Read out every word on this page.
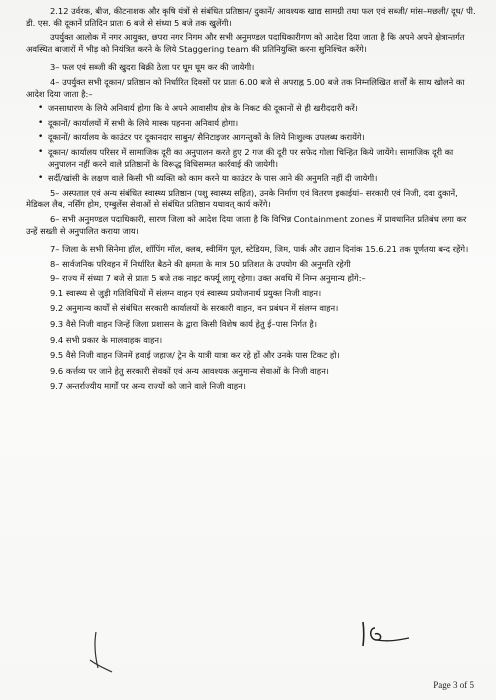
2.12 उर्वरक, बीज, कीटनाशक और कृषि यंत्रों से संबंधित प्रतिष्ठान/ दुकानें/ आवश्यक खाद्य सामग्री तथा फल एवं सब्जी/ मांस–मछली/ दूध/ पी. डी. एस. की दूकानें प्रतिदिन प्रातः 6 बजे से संध्या 5 बजे तक खुलेंगी।

उपर्युक्त आलोक में नगर आयुक्त, छपरा नगर निगम और सभी अनुमण्डल पदाधिकारीगण को आदेश दिया जाता है कि अपने अपने क्षेत्रान्तर्गत अवस्थित बाजारों में भीड़ को नियंत्रित करने के लिये Staggering team की प्रतिनियुक्ति करना सुनिश्चित करेंगे।

3– फल एवं सब्जी की खुदरा बिक्री ठेला पर घूम घूम कर की जायेगी।

4– उपर्युक्त सभी दूकान/ प्रतिष्ठान को निर्धारित दिवसों पर प्रातः 6.00 बजे से अपराह्न 5.00 बजे तक निम्नलिखित शर्त्तों के साथ खोलने का आदेश दिया जाता है:–

• जनसाधारण के लिये अनिवार्य होगा कि वे अपने आवासीय क्षेत्र के निकट की दूकानों से ही खरीददारी करें।
• दूकानों/ कार्यालयों में सभी के लिये मास्क पहनना अनिवार्य होगा।
• दूकानों/ कार्यालय के काउंटर पर दूकानदार साबुन/ सैनिटाइजर आगन्तुकों के लिये निःशुल्क उपलब्ध करायेंगे।
• दूकान/ कार्यालय परिसर में सामाजिक दूरी का अनुपालन करते हुए 2 गज की दूरी पर सफेद गोला चिन्हित किये जायेंगे। सामाजिक दूरी का अनुपालन नहीं करने वाले प्रतिष्ठानों के विरूद्ध विधिसम्मत कार्रवाई की जायेगी।
• सर्दी/खांसी के लक्षण वाले किसी भी व्यक्ति को काम करने या काउंटर के पास आने की अनुमति नहीं दी जायेगी।

5– अस्पताल एवं अन्य संबंधित स्वास्थ्य प्रतिष्ठान (पशु स्वास्थ्य सहित), उनके निर्माण एवं वितरण इकाईयां– सरकारी एवं निजी, दवा दुकानें, मेडिकल लैब, नर्सिंग होम, एम्बुलेंस सेवाओं से संबंधित प्रतिष्ठान यथावत् कार्य करेंगे।

6– सभी अनुमण्डल पदाधिकारी, सारण जिला को आदेश दिया जाता है कि विभिन्न Containment zones में प्रावधानित प्रतिबंध लगा कर उन्हें सख्ती से अनुपालित कराया जाय।

7– जिला के सभी सिनेमा हॉल, शॉपिंग मॉल, क्लब, स्वीमिंग पूल, स्टेडियम, जिम, पार्क और उद्यान दिनांक 15.6.21 तक पूर्णतया बन्द रहेंगे।

8– सार्वजनिक परिवहन में निर्धारित बैठने की क्षमता के मात्र 50 प्रतिशत के उपयोग की अनुमति रहेगी

9– राज्य में संध्या 7 बजे से प्रातः 5 बजे तक नाइट कर्फ्यू लागू रहेगा। उक्त अवधि में निम्न अनुमान्य होंगे:–

9.1 स्वास्थ्य से जुड़ी गतिविधियों में संलग्न वाहन एवं स्वास्थ्य प्रयोजनार्थ प्रयुक्त निजी वाहन।

9.2 अनुमान्य कार्यों से संबंधित सरकारी कार्यालयों के सरकारी वाहन, वन प्रबंधन में संलग्न वाहन।

9.3 वैसे निजी वाहन जिन्हें जिला प्रशासन के द्वारा किसी विशेष कार्य हेतु ई–पास निर्गत है।

9.4 सभी प्रकार के मालवाहक वाहन।

9.5 वैसे निजी वाहन जिनमें हवाई जहाज/ ट्रेन के यात्री यात्रा कर रहे हों और उनके पास टिकट हो।

9.6 कर्त्तव्य पर जाने हेतु सरकारी सेवकों एवं अन्य आवश्यक अनुमान्य सेवाओं के निजी वाहन।

9.7 अन्तर्राज्यीय मार्गों पर अन्य राज्यों को जाने वाले निजी वाहन।

Page 3 of 5
